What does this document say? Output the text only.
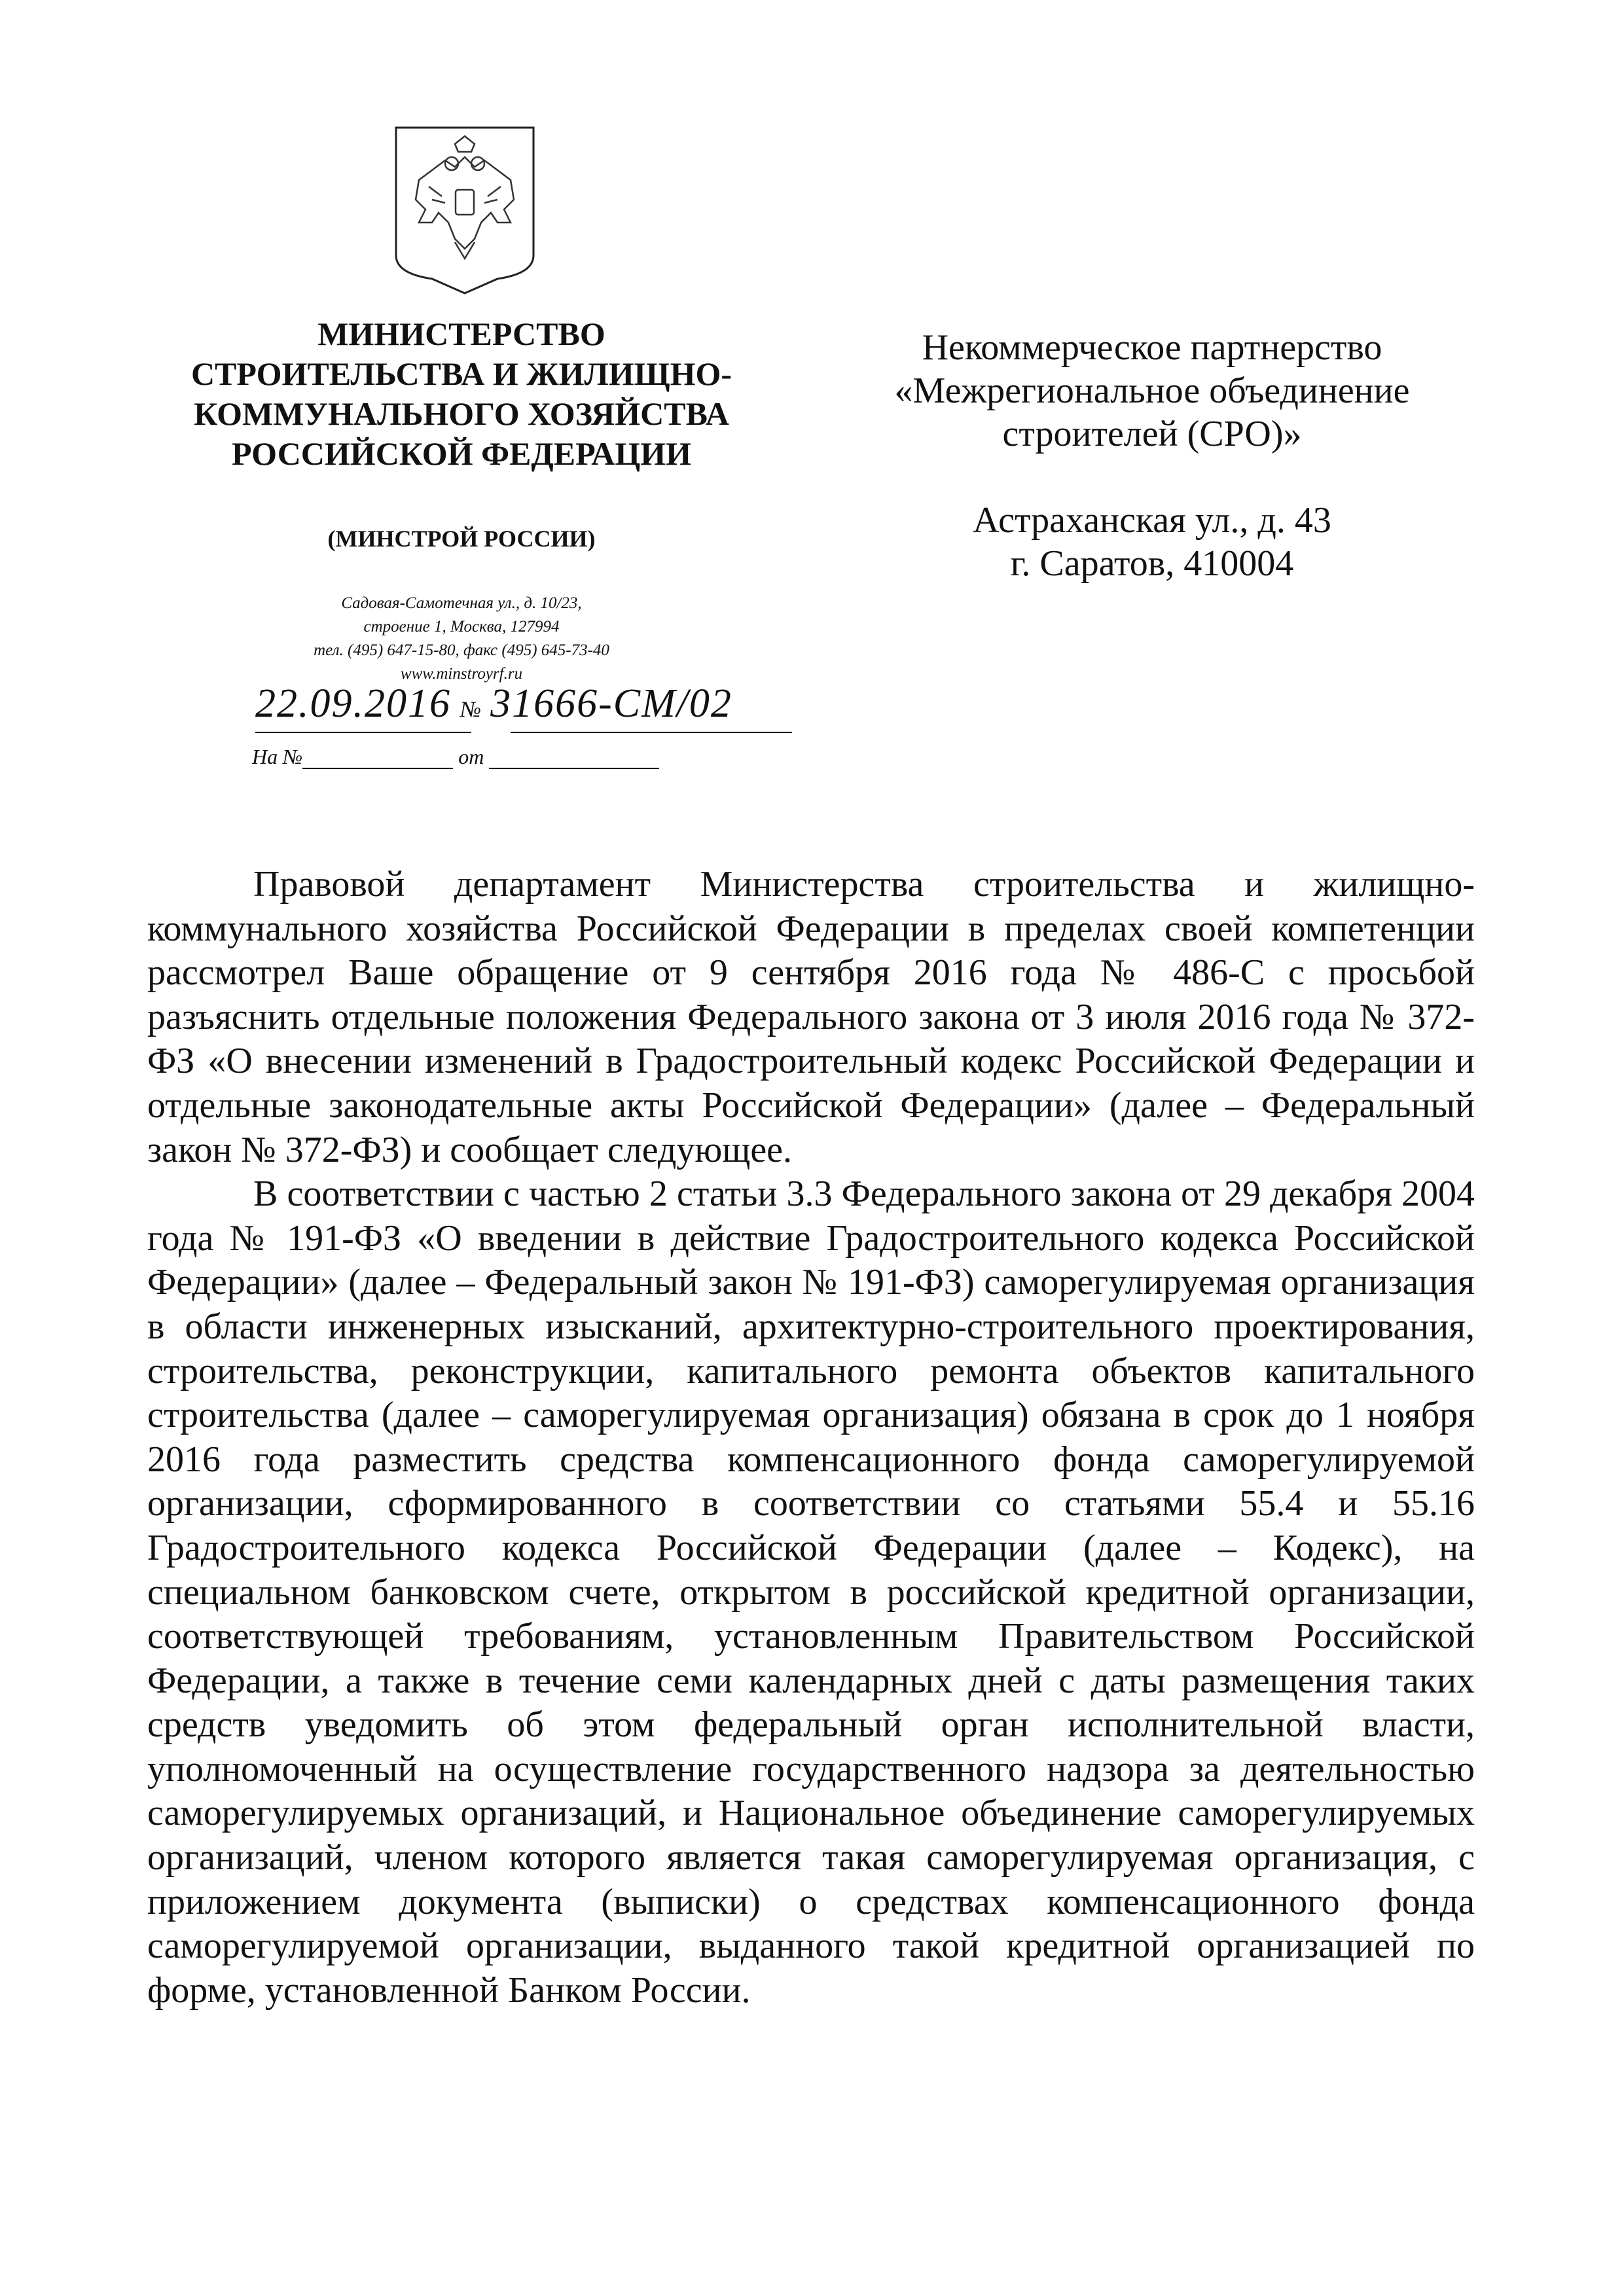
МИНИСТЕРСТВО
СТРОИТЕЛЬСТВА И ЖИЛИЩНО-
КОММУНАЛЬНОГО ХОЗЯЙСТВА
РОССИЙСКОЙ ФЕДЕРАЦИИ
(МИНСТРОЙ РОССИИ)
Садовая-Самотечная ул., д. 10/23,
строение 1, Москва, 127994
тел. (495) 647-15-80, факс (495) 645-73-40
www.minstroyrf.ru
22.09.2016 № 31666-СМ/02
На №	от
Некоммерческое партнерство
«Межрегиональное объединение
строителей (СРО)»
Астраханская ул., д. 43
г. Саратов, 410004

Правовой департамент Министерства строительства и жилищно-коммунального хозяйства Российской Федерации в пределах своей компетенции рассмотрел Ваше обращение от 9 сентября 2016 года № 486-С с просьбой разъяснить отдельные положения Федерального закона от 3 июля 2016 года № 372-ФЗ «О внесении изменений в Градостроительный кодекс Российской Федерации и отдельные законодательные акты Российской Федерации» (далее – Федеральный закон № 372-ФЗ) и сообщает следующее.

В соответствии с частью 2 статьи 3.3 Федерального закона от 29 декабря 2004 года № 191-ФЗ «О введении в действие Градостроительного кодекса Российской Федерации» (далее – Федеральный закон № 191-ФЗ) саморегулируемая организация в области инженерных изысканий, архитектурно-строительного проектирования, строительства, реконструкции, капитального ремонта объектов капитального строительства (далее – саморегулируемая организация) обязана в срок до 1 ноября 2016 года разместить средства компенсационного фонда саморегулируемой организации, сформированного в соответствии со статьями 55.4 и 55.16 Градостроительного кодекса Российской Федерации (далее – Кодекс), на специальном банковском счете, открытом в российской кредитной организации, соответствующей требованиям, установленным Правительством Российской Федерации, а также в течение семи календарных дней с даты размещения таких средств уведомить об этом федеральный орган исполнительной власти, уполномоченный на осуществление государственного надзора за деятельностью саморегулируемых организаций, и Национальное объединение саморегулируемых организаций, членом которого является такая саморегулируемая организация, с приложением документа (выписки) о средствах компенсационного фонда саморегулируемой организации, выданного такой кредитной организацией по форме, установленной Банком России.
